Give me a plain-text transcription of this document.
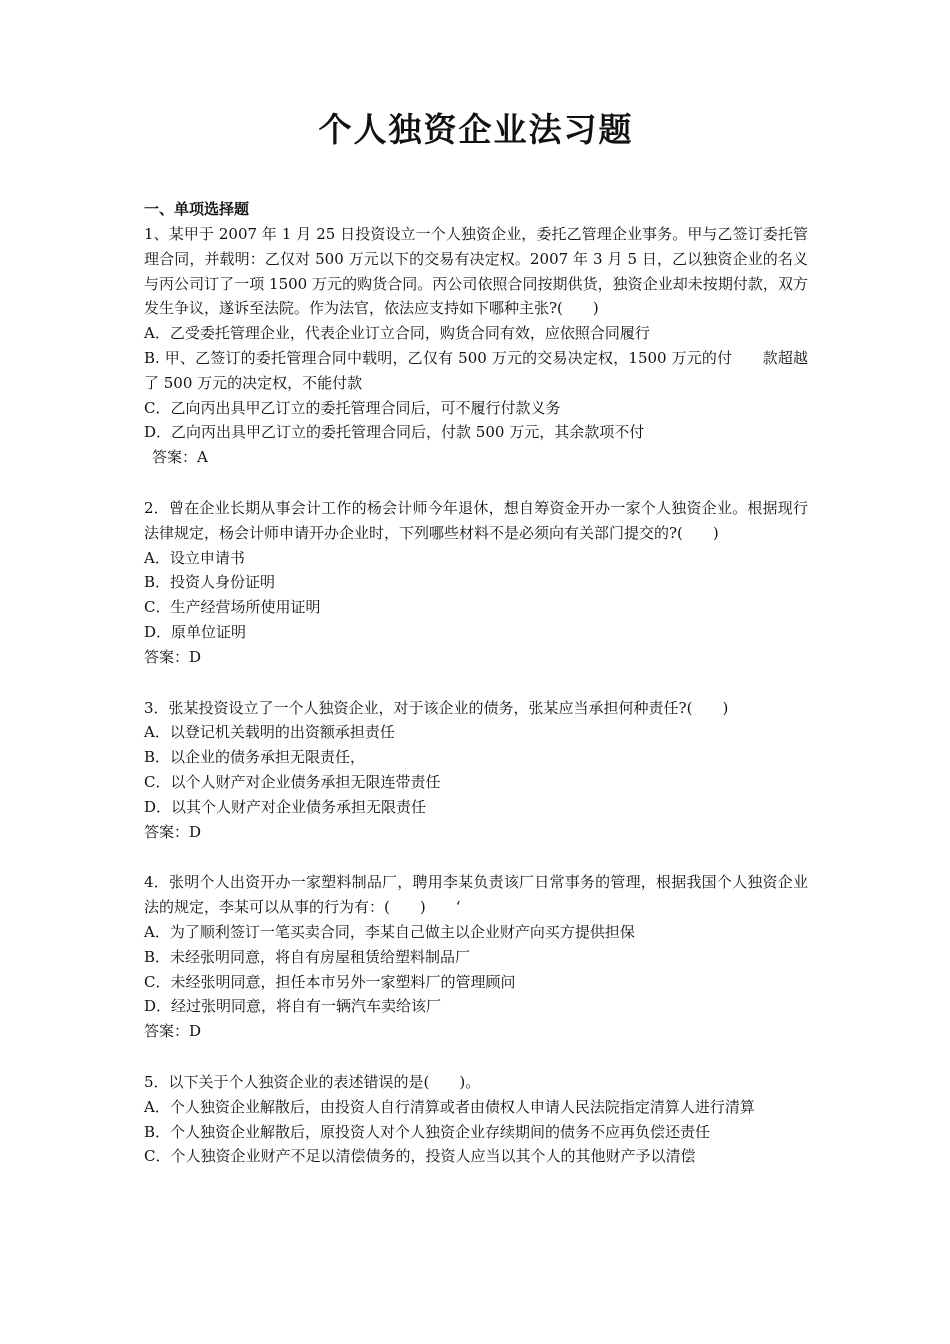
个人独资企业法习题
一、单项选择题

1、某甲于 2007 年 1 月 25 日投资设立一个人独资企业，委托乙管理企业事务。甲与乙签订委托管理合同，并载明：乙仅对 500 万元以下的交易有决定权。2007 年 3 月 5 日，乙以独资企业的名义与丙公司订了一项 1500 万元的购货合同。丙公司依照合同按期供货，独资企业却未按期付款，双方发生争议，遂诉至法院。作为法官，依法应支持如下哪种主张?(　　)

A．乙受委托管理企业，代表企业订立合同，购货合同有效，应依照合同履行

B. 甲、乙签订的委托管理合同中载明，乙仅有 500 万元的交易决定权，1500 万元的付　　款超越了 500 万元的决定权，不能付款

C．乙向丙出具甲乙订立的委托管理合同后，可不履行付款义务

D．乙向丙出具甲乙订立的委托管理合同后，付款 500 万元，其余款项不付

答案：A

2．曾在企业长期从事会计工作的杨会计师今年退休，想自筹资金开办一家个人独资企业。根据现行法律规定，杨会计师申请开办企业时，下列哪些材料不是必须向有关部门提交的?(　　)

A．设立申请书

B．投资人身份证明

C．生产经营场所使用证明

D．原单位证明

答案：D

3．张某投资设立了一个人独资企业，对于该企业的债务，张某应当承担何种责任?(　　)

A．以登记机关载明的出资额承担责任

B．以企业的债务承担无限责任，

C．以个人财产对企业债务承担无限连带责任

D．以其个人财产对企业债务承担无限责任

答案：D

4．张明个人出资开办一家塑料制品厂，聘用李某负责该厂日常事务的管理，根据我国个人独资企业法的规定，李某可以从事的行为有：(　　)　　‘

A．为了顺利签订一笔买卖合同，李某自己做主以企业财产向买方提供担保

B．未经张明同意，将自有房屋租赁给塑料制品厂

C．未经张明同意，担任本市另外一家塑料厂的管理顾问

D．经过张明同意，将自有一辆汽车卖给该厂

答案：D

5．以下关于个人独资企业的表述错误的是(　　)。

A．个人独资企业解散后，由投资人自行清算或者由债权人申请人民法院指定清算人进行清算

B．个人独资企业解散后，原投资人对个人独资企业存续期间的债务不应再负偿还责任

C．个人独资企业财产不足以清偿债务的，投资人应当以其个人的其他财产予以清偿
